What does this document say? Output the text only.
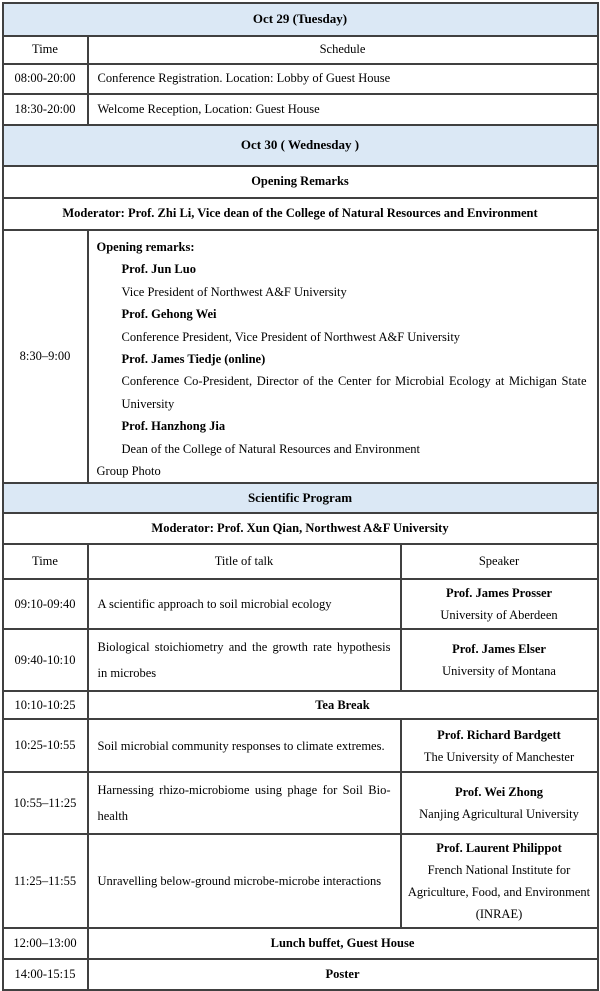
Oct 29 (Tuesday)		
Time	Schedule	
08:00-20:00	Conference Registration. Location: Lobby of Guest House	
18:30-20:00	Welcome Reception, Location: Guest House	
Oct 30 ( Wednesday )		
Opening Remarks		
Moderator: Prof. Zhi Li, Vice dean of the College of Natural Resources and Environment		
8:30–9:00	
Opening remarks:
Prof. Jun Luo
Vice President of Northwest A&F University
Prof. Gehong Wei
Conference President, Vice President of Northwest A&F University
Prof. James Tiedje (online)
Conference Co-President, Director of the Center for Microbial Ecology at Michigan State University
Prof. Hanzhong Jia
Dean of the College of Natural Resources and Environment
Group Photo

Scientific Program		
Moderator: Prof. Xun Qian, Northwest A&F University		
Time	Title of talk	Speaker
09:10-09:40	A scientific approach to soil microbial ecology	Prof. James Prosser
University of Aberdeen

09:40-10:10	Biological stoichiometry and the growth rate hypothesis in microbes	Prof. James Elser
University of Montana

10:10-10:25	Tea Break	
10:25-10:55	Soil microbial community responses to climate extremes.	Prof. Richard Bardgett
The University of Manchester

10:55–11:25	Harnessing rhizo-microbiome using phage for Soil Bio-health	Prof. Wei Zhong
Nanjing Agricultural University

11:25–11:55	Unravelling below-ground microbe-microbe interactions	Prof. Laurent Philippot
French National Institute for Agriculture, Food, and Environment (INRAE)

12:00–13:00	Lunch buffet, Guest House	
14:00-15:15	Poster	
